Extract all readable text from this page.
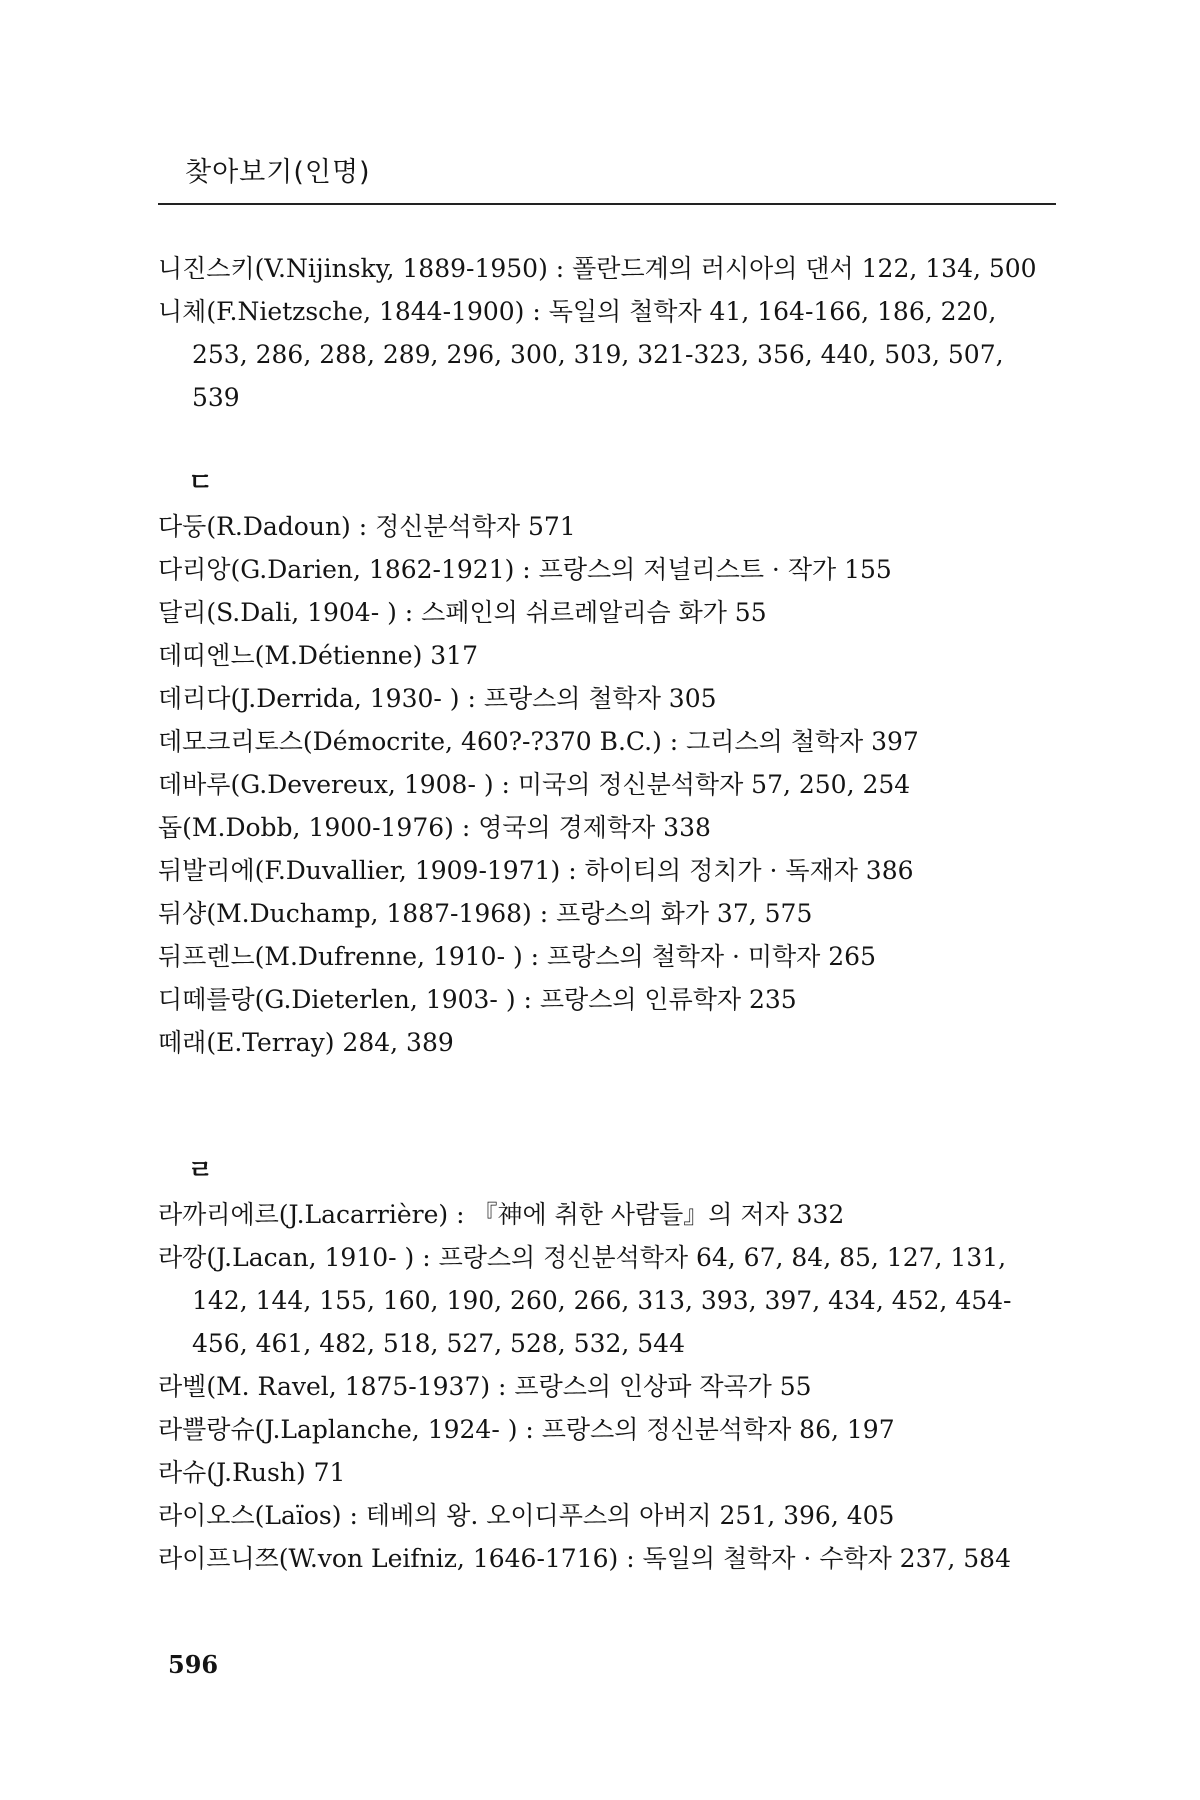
찾아보기(인명)
니진스키(V.Nijinsky, 1889-1950) : 폴란드계의 러시아의 댄서 122, 134, 500
니체(F.Nietzsche, 1844-1900) : 독일의 철학자 41, 164-166, 186, 220, 253, 286, 288, 289, 296, 300, 319, 321-323, 356, 440, 503, 507, 539
ㄷ
다둥(R.Dadoun) : 정신분석학자 571
다리앙(G.Darien, 1862-1921) : 프랑스의 저널리스트 · 작가 155
달리(S.Dali, 1904- ) : 스페인의 쉬르레알리슴 화가 55
데띠엔느(M.Détienne) 317
데리다(J.Derrida, 1930- ) : 프랑스의 철학자 305
데모크리토스(Démocrite, 460?-?370 B.C.) : 그리스의 철학자 397
데바루(G.Devereux, 1908- ) : 미국의 정신분석학자 57, 250, 254
돕(M.Dobb, 1900-1976) : 영국의 경제학자 338
뒤발리에(F.Duvallier, 1909-1971) : 하이티의 정치가 · 독재자 386
뒤샹(M.Duchamp, 1887-1968) : 프랑스의 화가 37, 575
뒤프렌느(M.Dufrenne, 1910- ) : 프랑스의 철학자 · 미학자 265
디떼를랑(G.Dieterlen, 1903- ) : 프랑스의 인류학자 235
떼래(E.Terray) 284, 389
ㄹ
라까리에르(J.Lacarrière) : 『神에 취한 사람들』의 저자 332
라깡(J.Lacan, 1910- ) : 프랑스의 정신분석학자 64, 67, 84, 85, 127, 131, 142, 144, 155, 160, 190, 260, 266, 313, 393, 397, 434, 452, 454-456, 461, 482, 518, 527, 528, 532, 544
라벨(M. Ravel, 1875-1937) : 프랑스의 인상파 작곡가 55
라쁠랑슈(J.Laplanche, 1924- ) : 프랑스의 정신분석학자 86, 197
라슈(J.Rush) 71
라이오스(Laïos) : 테베의 왕. 오이디푸스의 아버지 251, 396, 405
라이프니쯔(W.von Leifniz, 1646-1716) : 독일의 철학자 · 수학자 237, 584
596
